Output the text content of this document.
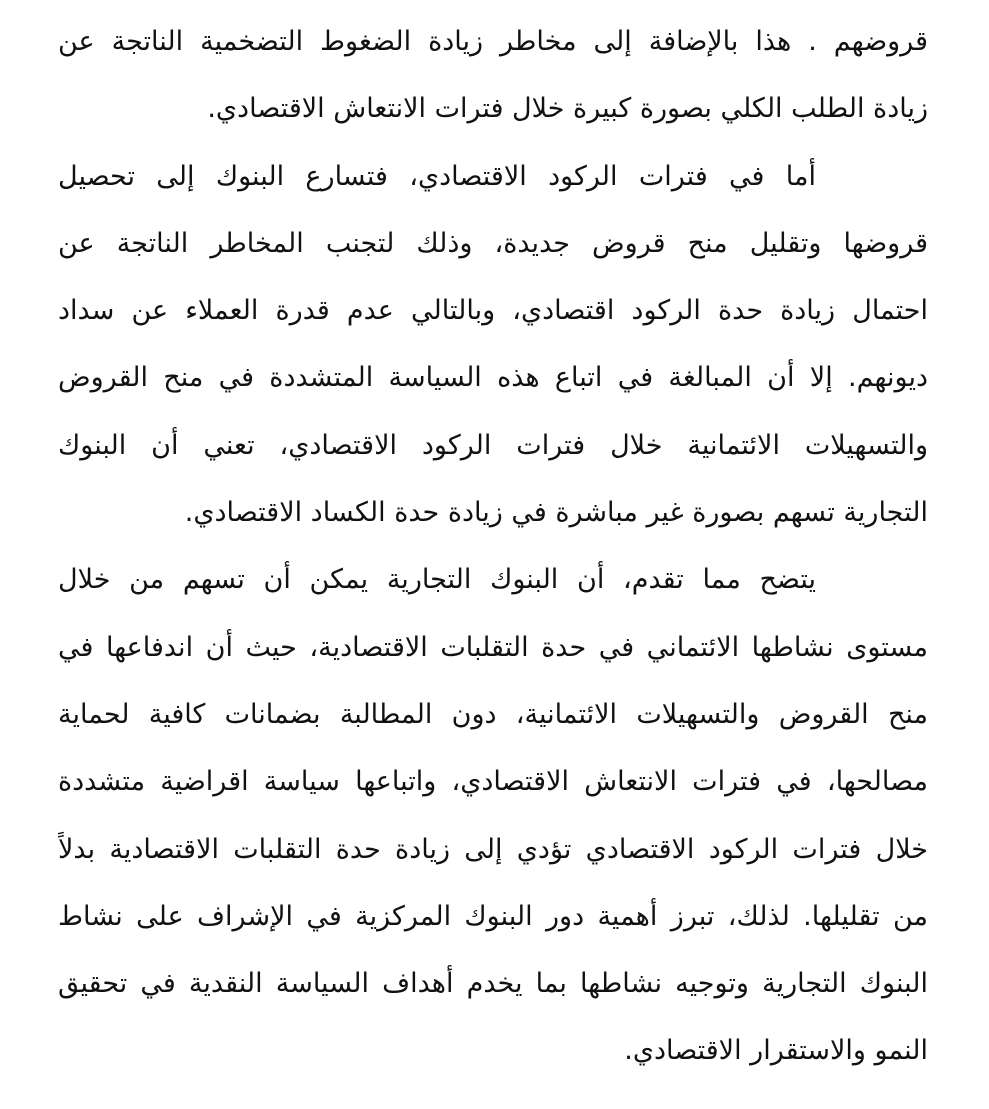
قروضهم . هذا بالإضافة إلى مخاطر زيادة الضغوط التضخمية الناتجة عن
زيادة الطلب الكلي بصورة كبيرة خلال فترات الانتعاش الاقتصادي.
أما في فترات الركود الاقتصادي، فتسارع البنوك إلى تحصيل
قروضها وتقليل منح قروض جديدة، وذلك لتجنب المخاطر الناتجة عن
احتمال زيادة حدة الركود اقتصادي، وبالتالي عدم قدرة العملاء عن سداد
ديونهم. إلا أن المبالغة في اتباع هذه السياسة المتشددة في منح القروض
والتسهيلات الائتمانية خلال فترات الركود الاقتصادي، تعني أن البنوك
التجارية تسهم بصورة غير مباشرة في زيادة حدة الكساد الاقتصادي.
يتضح مما تقدم، أن البنوك التجارية يمكن أن تسهم من خلال
مستوى نشاطها الائتماني في حدة التقلبات الاقتصادية، حيث أن اندفاعها في
منح القروض والتسهيلات الائتمانية، دون المطالبة بضمانات كافية لحماية
مصالحها، في فترات الانتعاش الاقتصادي، واتباعها سياسة اقراضية متشددة
خلال فترات الركود الاقتصادي تؤدي إلى زيادة حدة التقلبات الاقتصادية بدلاً
من تقليلها. لذلك، تبرز أهمية دور البنوك المركزية في الإشراف على نشاط
البنوك التجارية وتوجيه نشاطها بما يخدم أهداف السياسة النقدية في تحقيق
النمو والاستقرار الاقتصادي.
